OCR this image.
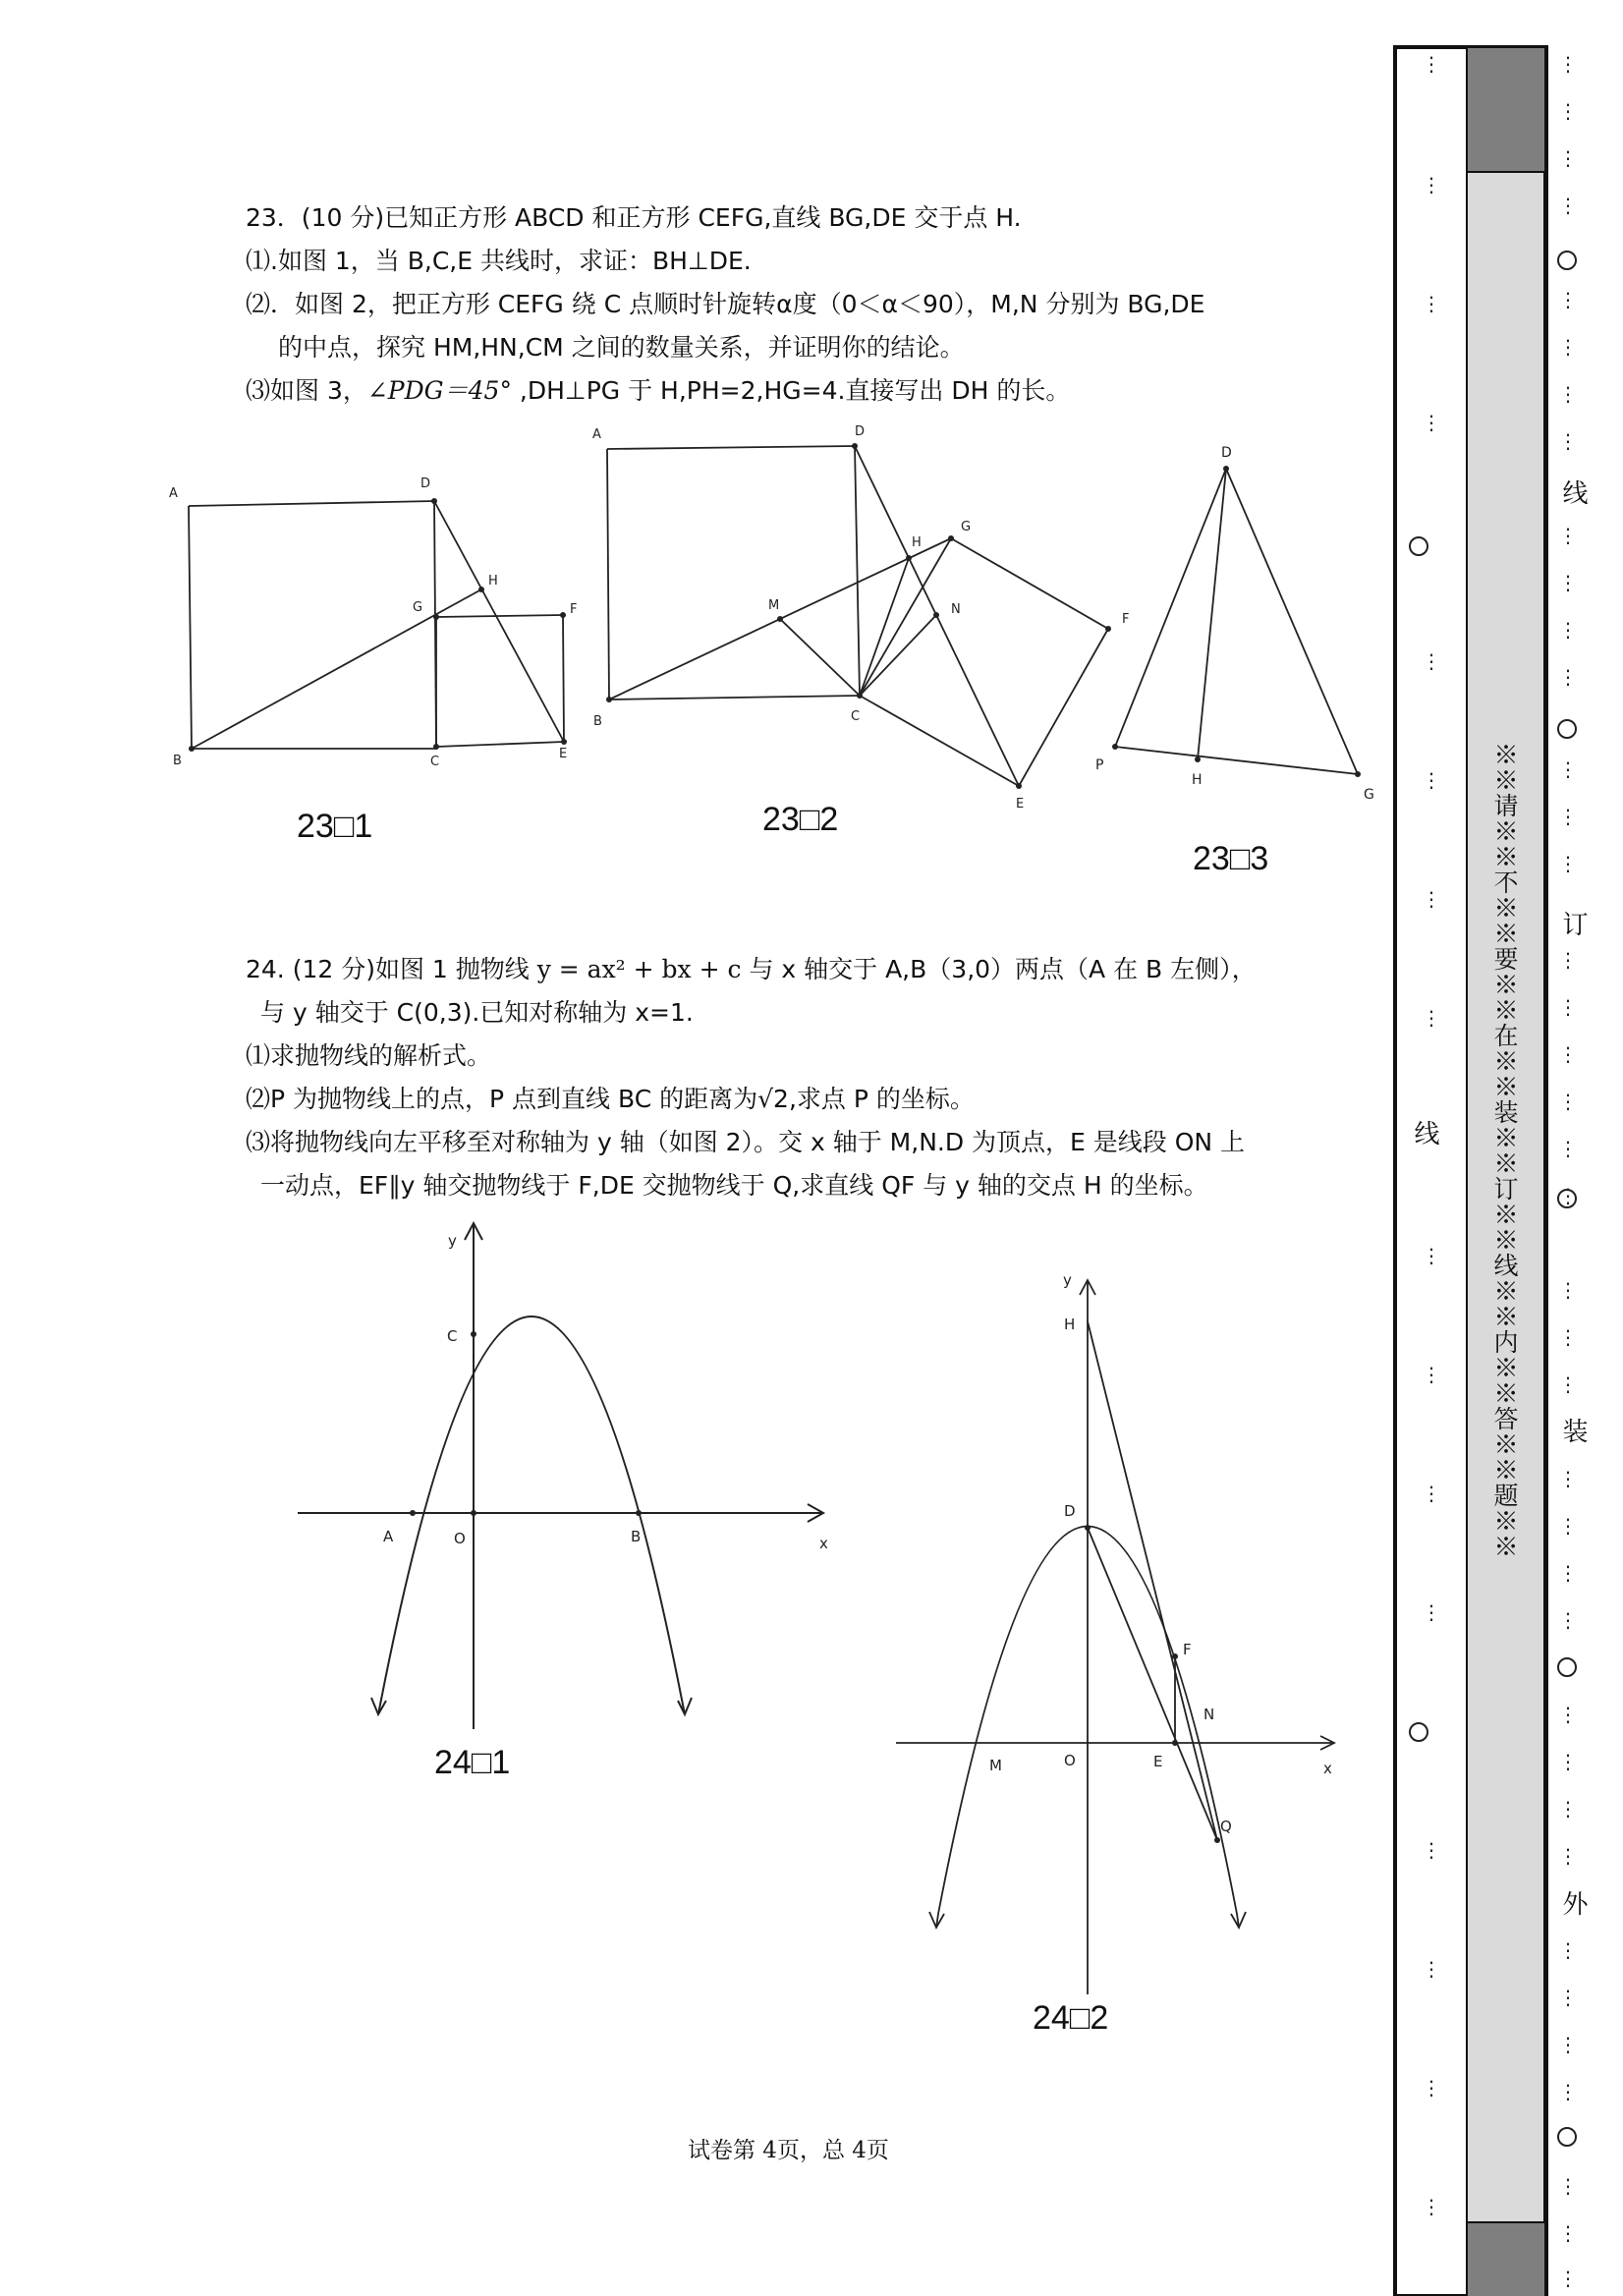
23．(10 分)已知正方形 ABCD 和正方形 CEFG,直线 BG,DE 交于点 H.
⑴.如图 1，当 B,C,E 共线时，求证：BH⊥DE.
⑵．如图 2，把正方形 CEFG 绕 C 点顺时针旋转α度（0＜α＜90），M,N 分别为 BG,DE
的中点，探究 HM,HN,CM 之间的数量关系，并证明你的结论。
⑶如图 3，∠PDG＝45° ,DH⊥PG 于 H,PH=2,HG=4.直接写出 DH 的长。
A
D
H
G	F
B	C
E
23□1
A	D
H
G
M	N
F
B	C
E
23□2
D
P
H
G
23□3
24. (12 分)如图 1 抛物线 y = ax² + bx + c 与 x 轴交于 A,B（3,0）两点（A 在 B 左侧），
与 y 轴交于 C(0,3).已知对称轴为 x=1.
⑴求抛物线的解析式。
⑵P 为抛物线上的点，P 点到直线 BC 的距离为√2,求点 P 的坐标。
⑶将抛物线向左平移至对称轴为 y 轴（如图 2）。交 x 轴于 M,N.D 为顶点，E 是线段 ON 上
一动点，EF∥y 轴交抛物线于 F,DE 交抛物线于 Q,求直线 QF 与 y 轴的交点 H 的坐标。
y
C
A	O	B	x
24□1
y
H
D
F
N
M	O	E	x
Q
24□2
试卷第 4页，总 4页
⋮
⋮
⋮
⋮
⋮
⋮
⋮
⋮
⋮
⋮
⋮
⋮
⋮
⋮
⋮
⋮
⋮
⋮
⋮
⋮
⋮
⋮
⋮
⋮
⋮
⋮
⋮
⋮
⋮
⋮
⋮
⋮
⋮
⋮
⋮
⋮
⋮
⋮
⋮
⋮
⋮
⋮
⋮
⋮
⋮
⋮
⋮
⋮
⋮
⋮
⋮
⋮
⋮
⋮
⋮
※※请※※不※※要※※在※※装※※订※※线※※内※※答※※题※※
线
线
订
装
外
